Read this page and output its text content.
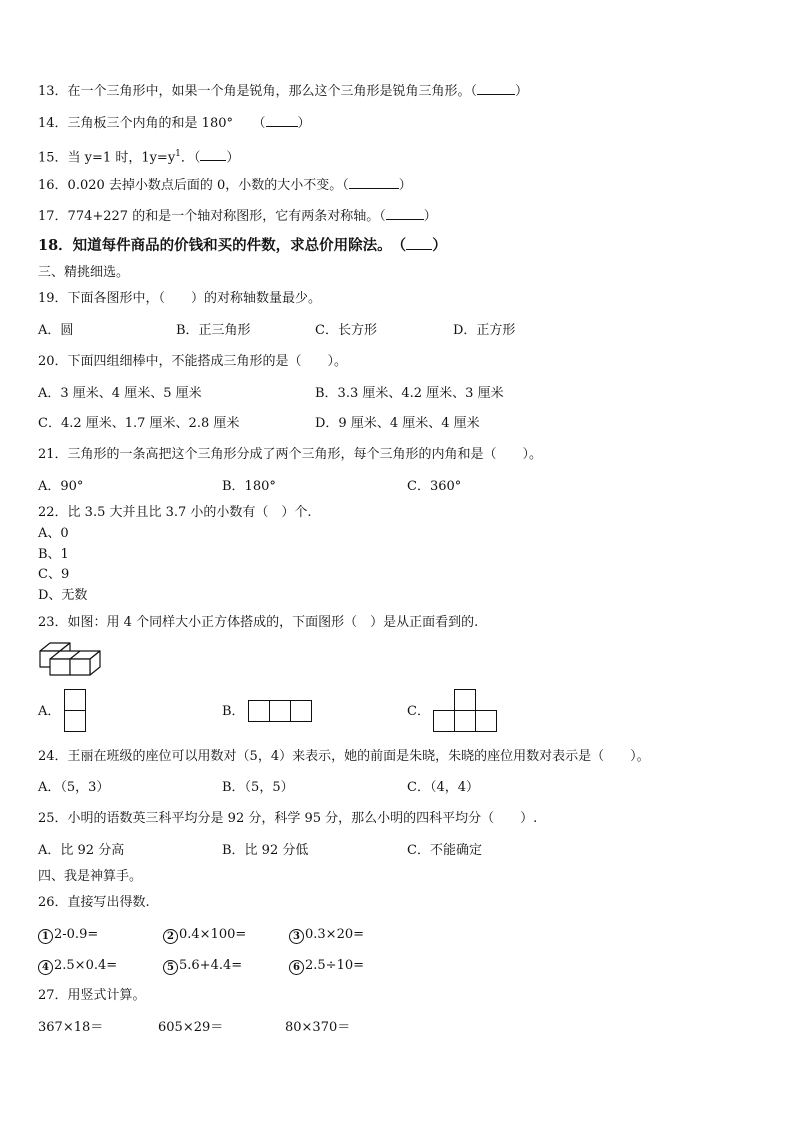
13．在一个三角形中，如果一个角是锐角，那么这个三角形是锐角三角形。（	）
14．三角板三个内角的和是 180°　　（ ）
15．当 y=1 时，$1y=y^1$．（ ）
16．0.020 去掉小数点后面的 0，小数的大小不变。（	）
17．774+227 的和是一个轴对称图形，它有两条对称轴。（	）
18．知道每件商品的价钱和买的件数，求总价用除法。　（ ）
三、精挑细选。
19．下面各图形中，（　　）的对称轴数量最少。
A．圆	B．正三角形	C．长方形	D．正方形
20．下面四组细棒中，不能搭成三角形的是（　　）。
A．3 厘米、4 厘米、5 厘米	B．3.3 厘米、4.2 厘米、3 厘米
C．4.2 厘米、1.7 厘米、2.8 厘米	D．9 厘米、4 厘米、4 厘米
21．三角形的一条高把这个三角形分成了两个三角形，每个三角形的内角和是（　　）。
A．90°	B．180°	C．360°
22．比 3.5 大并且比 3.7 小的小数有（　）个.
A、0
B、1
C、9
D、无数
23．如图：用 4 个同样大小正方体搭成的，下面图形（　）是从正面看到的.
A．	B．	C．
24．王丽在班级的座位可以用数对（5，4）来表示，她的前面是朱晓，朱晓的座位用数对表示是（　　）。
A．（5，3）	B．（5，5）	C．（4，4）
25．小明的语数英三科平均分是 92 分，科学 95 分，那么小明的四科平均分（　　）.
A．比 92 分高	B．比 92 分低	C．不能确定
四、我是神算手。
26．直接写出得数.
1 2-0.9=	2 0.4×100=	3 0.3×20=
4 2.5×0.4=	5 5.6+4.4=	6 2.5÷10=
27．用竖式计算。
367×18＝	605×29＝	80×370＝
